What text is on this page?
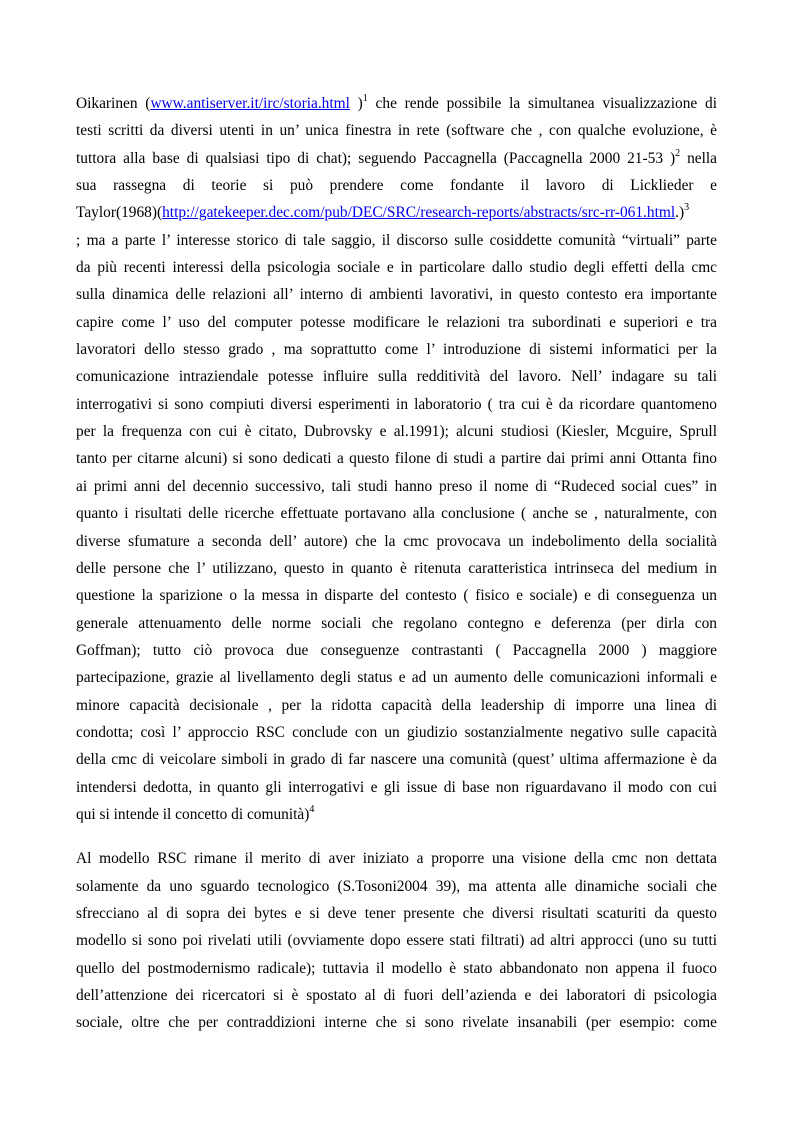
Oikarinen (www.antiserver.it/irc/storia.html )$^1$ che rende possibile la simultanea visualizzazione di
testi scritti da diversi utenti in un’ unica finestra in rete (software che , con qualche evoluzione, è
tuttora alla base di qualsiasi tipo di chat); seguendo Paccagnella (Paccagnella 2000 21-53 )$^2$ nella
sua rassegna di teorie si può prendere come fondante il lavoro di Licklieder e
Taylor(1968)(http://gatekeeper.dec.com/pub/DEC/SRC/research-reports/abstracts/src-rr-061.html.)$^3$
; ma a parte l’ interesse storico di tale saggio, il discorso sulle cosiddette comunità “virtuali” parte
da più recenti interessi della psicologia sociale e in particolare dallo studio degli effetti della cmc
sulla dinamica delle relazioni all’ interno di ambienti lavorativi, in questo contesto era importante
capire come l’ uso del computer potesse modificare le relazioni tra subordinati e superiori e tra
lavoratori dello stesso grado , ma soprattutto come l’ introduzione di sistemi informatici per la
comunicazione intraziendale potesse influire sulla redditività del lavoro. Nell’ indagare su tali
interrogativi si sono compiuti diversi esperimenti in laboratorio ( tra cui è da ricordare quantomeno
per la frequenza con cui è citato, Dubrovsky e al.1991); alcuni studiosi (Kiesler, Mcguire, Sprull
tanto per citarne alcuni) si sono dedicati a questo filone di studi a partire dai primi anni Ottanta fino
ai primi anni del decennio successivo, tali studi hanno preso il nome di “Rudeced social cues” in
quanto i risultati delle ricerche effettuate portavano alla conclusione ( anche se , naturalmente, con
diverse sfumature a seconda dell’ autore) che la cmc provocava un indebolimento della socialità
delle persone che l’ utilizzano, questo in quanto è ritenuta caratteristica intrinseca del medium in
questione la sparizione o la messa in disparte del contesto ( fisico e sociale) e di conseguenza un
generale attenuamento delle norme sociali che regolano contegno e deferenza (per dirla con
Goffman); tutto ciò provoca due conseguenze contrastanti ( Paccagnella 2000 ) maggiore
partecipazione, grazie al livellamento degli status e ad un aumento delle comunicazioni informali e
minore capacità decisionale , per la ridotta capacità della leadership di imporre una linea di
condotta; così l’ approccio RSC conclude con un giudizio sostanzialmente negativo sulle capacità
della cmc di veicolare simboli in grado di far nascere una comunità (quest’ ultima affermazione è da
intendersi dedotta, in quanto gli interrogativi e gli issue di base non riguardavano il modo con cui
qui si intende il concetto di comunità)$^4$

Al modello RSC rimane il merito di aver iniziato a proporre una visione della cmc non dettata
solamente da uno sguardo tecnologico (S.Tosoni2004 39), ma attenta alle dinamiche sociali che
sfrecciano al di sopra dei bytes e si deve tener presente che diversi risultati scaturiti da questo
modello si sono poi rivelati utili (ovviamente dopo essere stati filtrati) ad altri approcci (uno su tutti
quello del postmodernismo radicale); tuttavia il modello è stato abbandonato non appena il fuoco
dell’attenzione dei ricercatori si è spostato al di fuori dell’azienda e dei laboratori di psicologia
sociale, oltre che per contraddizioni interne che si sono rivelate insanabili (per esempio: come
